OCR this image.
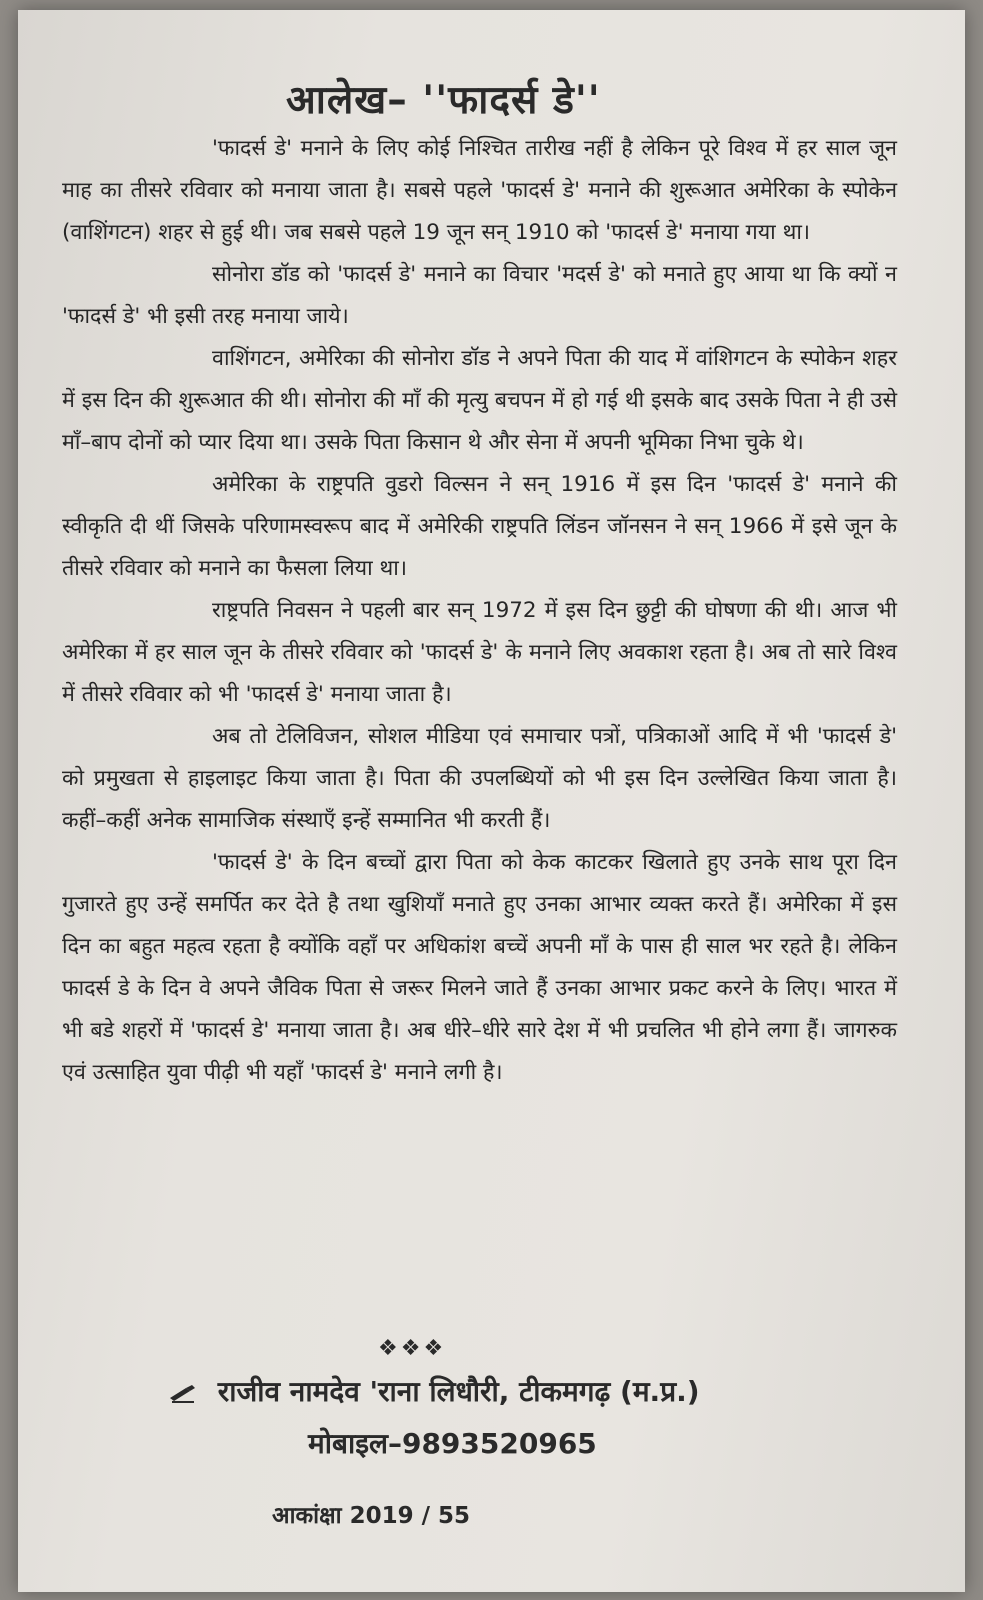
आलेख– ''फादर्स डे''

'फादर्स डे' मनाने के लिए कोई निश्चित तारीख नहीं है लेकिन पूरे विश्व में हर साल जून माह का तीसरे रविवार को मनाया जाता है। सबसे पहले 'फादर्स डे' मनाने की शुरूआत अमेरिका के स्पोकेन (वाशिंगटन) शहर से हुई थी। जब सबसे पहले 19 जून सन् 1910 को 'फादर्स डे' मनाया गया था।

सोनोरा डॉड को 'फादर्स डे' मनाने का विचार 'मदर्स डे' को मनाते हुए आया था कि क्यों न 'फादर्स डे' भी इसी तरह मनाया जाये।

वाशिंगटन, अमेरिका की सोनोरा डॉड ने अपने पिता की याद में वांशिगटन के स्पोकेन शहर में इस दिन की शुरूआत की थी। सोनोरा की माँ की मृत्यु बचपन में हो गई थी इसके बाद उसके पिता ने ही उसे माँ–बाप दोनों को प्यार दिया था। उसके पिता किसान थे और सेना में अपनी भूमिका निभा चुके थे।

अमेरिका के राष्ट्रपति वुडरो विल्सन ने सन् 1916 में इस दिन 'फादर्स डे' मनाने की स्वीकृति दी थीं जिसके परिणामस्वरूप बाद में अमेरिकी राष्ट्रपति लिंडन जॉनसन ने सन् 1966 में इसे जून के तीसरे रविवार को मनाने का फैसला लिया था।

राष्ट्रपति निवसन ने पहली बार सन् 1972 में इस दिन छुट्टी की घोषणा की थी। आज भी अमेरिका में हर साल जून के तीसरे रविवार को 'फादर्स डे' के मनाने लिए अवकाश रहता है। अब तो सारे विश्व में तीसरे रविवार को भी 'फादर्स डे' मनाया जाता है।

अब तो टेलिविजन, सोशल मीडिया एवं समाचार पत्रों, पत्रिकाओं आदि में भी 'फादर्स डे' को प्रमुखता से हाइलाइट किया जाता है। पिता की उपलब्धियों को भी इस दिन उल्लेखित किया जाता है। कहीं–कहीं अनेक सामाजिक संस्थाएँ इन्हें सम्मानित भी करती हैं।

'फादर्स डे' के दिन बच्चों द्वारा पिता को केक काटकर खिलाते हुए उनके साथ पूरा दिन गुजारते हुए उन्हें समर्पित कर देते है तथा खुशियाँ मनाते हुए उनका आभार व्यक्त करते हैं। अमेरिका में इस दिन का बहुत महत्व रहता है क्योंकि वहाँ पर अधिकांश बच्चें अपनी माँ के पास ही साल भर रहते है। लेकिन फादर्स डे के दिन वे अपने जैविक पिता से जरूर मिलने जाते हैं उनका आभार प्रकट करने के लिए। भारत में भी बडे शहरों में 'फादर्स डे' मनाया जाता है। अब धीरे–धीरे सारे देश में भी प्रचलित भी होने लगा हैं। जागरुक एवं उत्साहित युवा पीढ़ी भी यहाँ 'फादर्स डे' मनाने लगी है।

❖❖❖
राजीव नामदेव 'राना लिधौरी, टीकमगढ़ (म.प्र.)
मोबाइल–9893520965
आकांक्षा 2019 / 55
